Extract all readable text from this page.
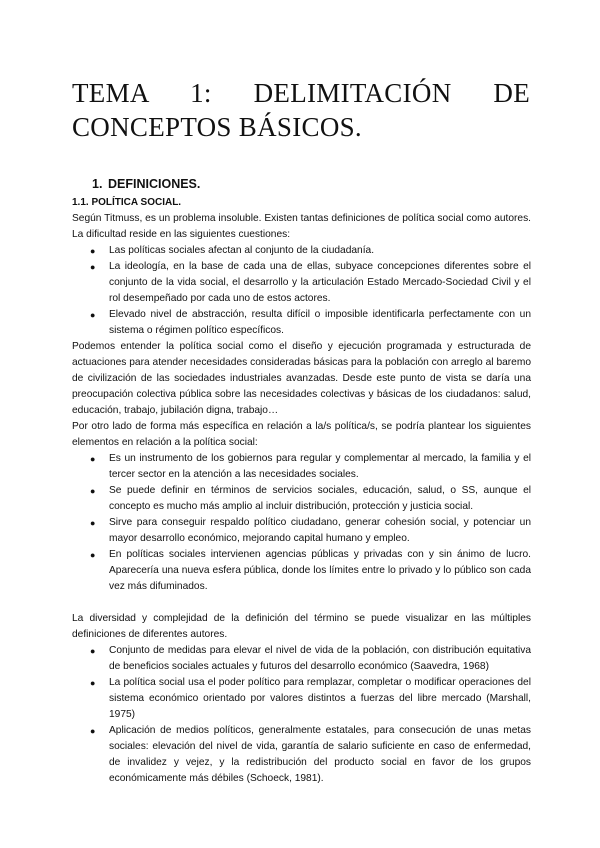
TEMA 1: DELIMITACIÓN DE CONCEPTOS BÁSICOS.
1. DEFINICIONES.
1.1. POLÍTICA SOCIAL.

Según Titmuss, es un problema insoluble. Existen tantas definiciones de política social como autores. La dificultad reside en las siguientes cuestiones:

● Las políticas sociales afectan al conjunto de la ciudadanía.
● La ideología, en la base de cada una de ellas, subyace concepciones diferentes sobre el conjunto de la vida social, el desarrollo y la articulación Estado Mercado-Sociedad Civil y el rol desempeñado por cada uno de estos actores.
● Elevado nivel de abstracción, resulta difícil o imposible identificarla perfectamente con un sistema o régimen político específicos.

Podemos entender la política social como el diseño y ejecución programada y estructurada de actuaciones para atender necesidades consideradas básicas para la población con arreglo al baremo de civilización de las sociedades industriales avanzadas. Desde este punto de vista se daría una preocupación colectiva pública sobre las necesidades colectivas y básicas de los ciudadanos: salud, educación, trabajo, jubilación digna, trabajo…

Por otro lado de forma más específica en relación a la/s política/s, se podría plantear los siguientes elementos en relación a la política social:

● Es un instrumento de los gobiernos para regular y complementar al mercado, la familia y el tercer sector en la atención a las necesidades sociales.
● Se puede definir en términos de servicios sociales, educación, salud, o SS, aunque el concepto es mucho más amplio al incluir distribución, protección y justicia social.
● Sirve para conseguir respaldo político ciudadano, generar cohesión social, y potenciar un mayor desarrollo económico, mejorando capital humano y empleo.
● En políticas sociales intervienen agencias públicas y privadas con y sin ánimo de lucro. Aparecería una nueva esfera pública, donde los límites entre lo privado y lo público son cada vez más difuminados.

La diversidad y complejidad de la definición del término se puede visualizar en las múltiples definiciones de diferentes autores.

● Conjunto de medidas para elevar el nivel de vida de la población, con distribución equitativa de beneficios sociales actuales y futuros del desarrollo económico (Saavedra, 1968)
● La política social usa el poder político para remplazar, completar o modificar operaciones del sistema económico orientado por valores distintos a fuerzas del libre mercado (Marshall, 1975)
● Aplicación de medios políticos, generalmente estatales, para consecución de unas metas sociales: elevación del nivel de vida, garantía de salario suficiente en caso de enfermedad, de invalidez y vejez, y la redistribución del producto social en favor de los grupos económicamente más débiles (Schoeck, 1981).
